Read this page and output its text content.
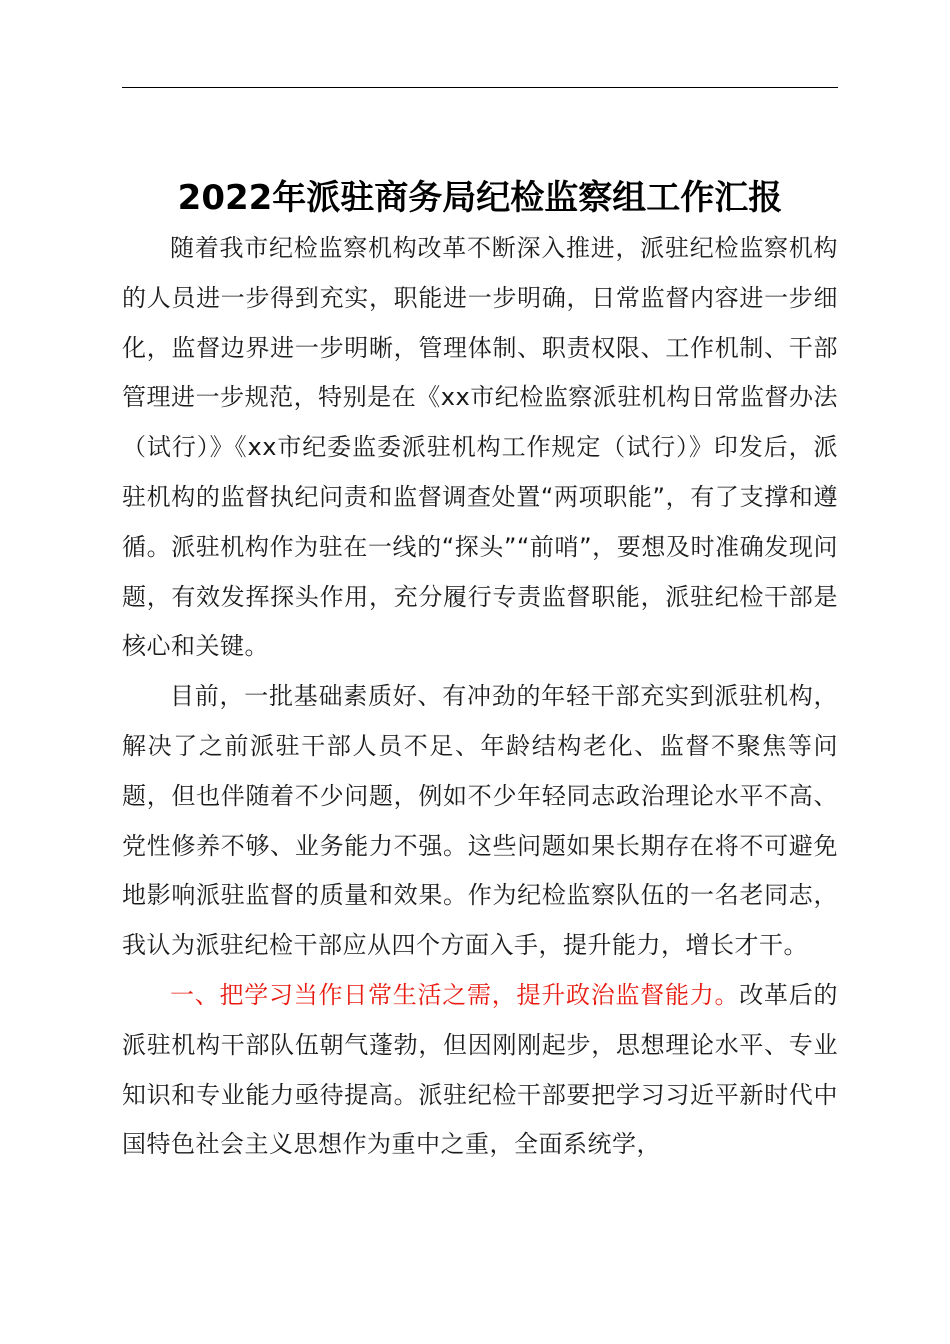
2022年派驻商务局纪检监察组工作汇报

随着我市纪检监察机构改革不断深入推进，派驻纪检监察机构的人员进一步得到充实，职能进一步明确，日常监督内容进一步细化，监督边界进一步明晰，管理体制、职责权限、工作机制、干部管理进一步规范，特别是在《xx市纪检监察派驻机构日常监督办法（试行）》《xx市纪委监委派驻机构工作规定（试行）》印发后，派驻机构的监督执纪问责和监督调查处置“两项职能”，有了支撑和遵循。派驻机构作为驻在一线的“探头”“前哨”，要想及时准确发现问题，有效发挥探头作用，充分履行专责监督职能，派驻纪检干部是核心和关键。

目前，一批基础素质好、有冲劲的年轻干部充实到派驻机构，解决了之前派驻干部人员不足、年龄结构老化、监督不聚焦等问题，但也伴随着不少问题，例如不少年轻同志政治理论水平不高、党性修养不够、业务能力不强。这些问题如果长期存在将不可避免地影响派驻监督的质量和效果。作为纪检监察队伍的一名老同志，我认为派驻纪检干部应从四个方面入手，提升能力，增长才干。

一、把学习当作日常生活之需，提升政治监督能力。改革后的派驻机构干部队伍朝气蓬勃，但因刚刚起步，思想理论水平、专业知识和专业能力亟待提高。派驻纪检干部要把学习习近平新时代中国特色社会主义思想作为重中之重，全面系统学，
